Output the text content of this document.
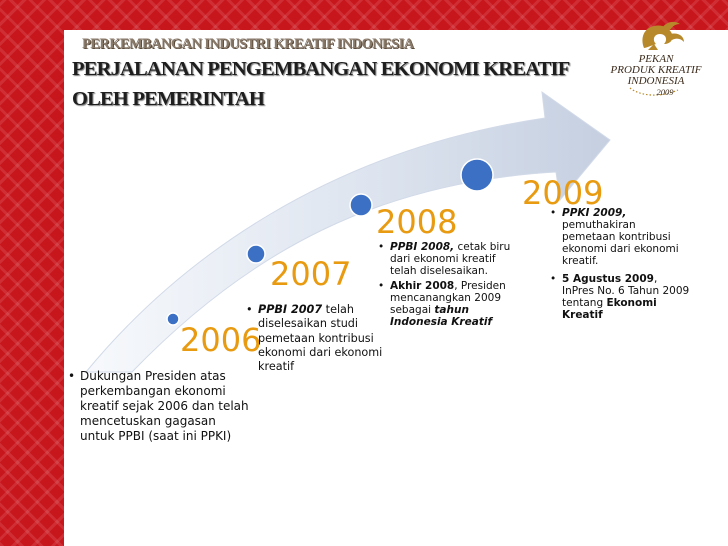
PERKEMBANGAN INDUSTRI KREATIF INDONESIA
PERJALANAN PENGEMBANGAN EKONOMI KREATIF
OLEH PEMERINTAH
PEKAN
PRODUK KREATIF
INDONESIA
2009
2006
2007
2008
2009
• Dukungan Presiden atas perkembangan ekonomi kreatif sejak 2006 dan telah mencetuskan gagasan untuk PPBI (saat ini PPKI)
• PPBI 2007 telah diselesaikan studi pemetaan kontribusi ekonomi dari ekonomi kreatif
• PPBI 2008, cetak biru dari ekonomi kreatif telah diselesaikan.
• Akhir 2008, Presiden mencanangkan 2009 sebagai tahun Indonesia Kreatif
• PPKI 2009, pemuthakiran pemetaan kontribusi ekonomi dari ekonomi kreatif.
• 5 Agustus 2009, InPres No. 6 Tahun 2009 tentang Ekonomi Kreatif
